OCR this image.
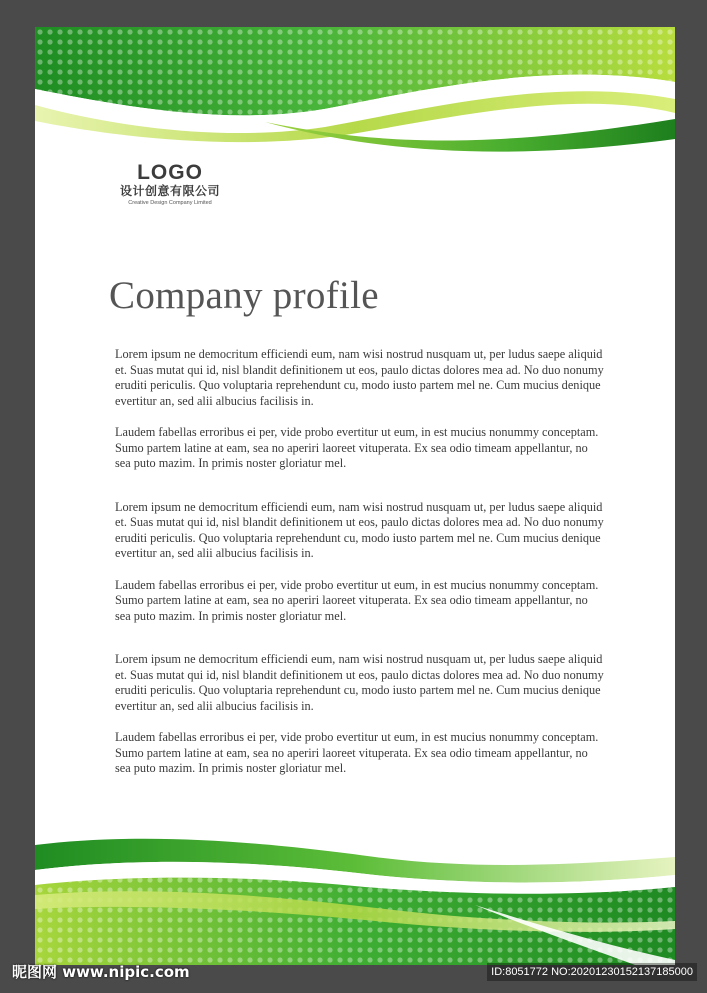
LOGO
设计创意有限公司
Creative Design Company Limited
Company profile

Lorem ipsum ne democritum efficiendi eum, nam wisi nostrud nusquam ut, per ludus saepe aliquid et. Suas mutat qui id, nisl blandit definitionem ut eos, paulo dictas dolores mea ad. No duo nonumy eruditi periculis. Quo voluptaria reprehendunt cu, modo iusto partem mel ne. Cum mucius denique evertitur an, sed alii albucius facilisis in.

Laudem fabellas erroribus ei per, vide probo evertitur ut eum, in est mucius nonummy conceptam. Sumo partem latine at eam, sea no aperiri laoreet vituperata. Ex sea odio timeam appellantur, no sea puto mazim. In primis noster gloriatur mel.

Lorem ipsum ne democritum efficiendi eum, nam wisi nostrud nusquam ut, per ludus saepe aliquid et. Suas mutat qui id, nisl blandit definitionem ut eos, paulo dictas dolores mea ad. No duo nonumy eruditi periculis. Quo voluptaria reprehendunt cu, modo iusto partem mel ne. Cum mucius denique evertitur an, sed alii albucius facilisis in.

Laudem fabellas erroribus ei per, vide probo evertitur ut eum, in est mucius nonummy conceptam. Sumo partem latine at eam, sea no aperiri laoreet vituperata. Ex sea odio timeam appellantur, no sea puto mazim. In primis noster gloriatur mel.

Lorem ipsum ne democritum efficiendi eum, nam wisi nostrud nusquam ut, per ludus saepe aliquid et. Suas mutat qui id, nisl blandit definitionem ut eos, paulo dictas dolores mea ad. No duo nonumy eruditi periculis. Quo voluptaria reprehendunt cu, modo iusto partem mel ne. Cum mucius denique evertitur an, sed alii albucius facilisis in.

Laudem fabellas erroribus ei per, vide probo evertitur ut eum, in est mucius nonummy conceptam. Sumo partem latine at eam, sea no aperiri laoreet vituperata. Ex sea odio timeam appellantur, no sea puto mazim. In primis noster gloriatur mel.

昵图网 www.nipic.com	ID:8051772 NO:20201230152137185000
